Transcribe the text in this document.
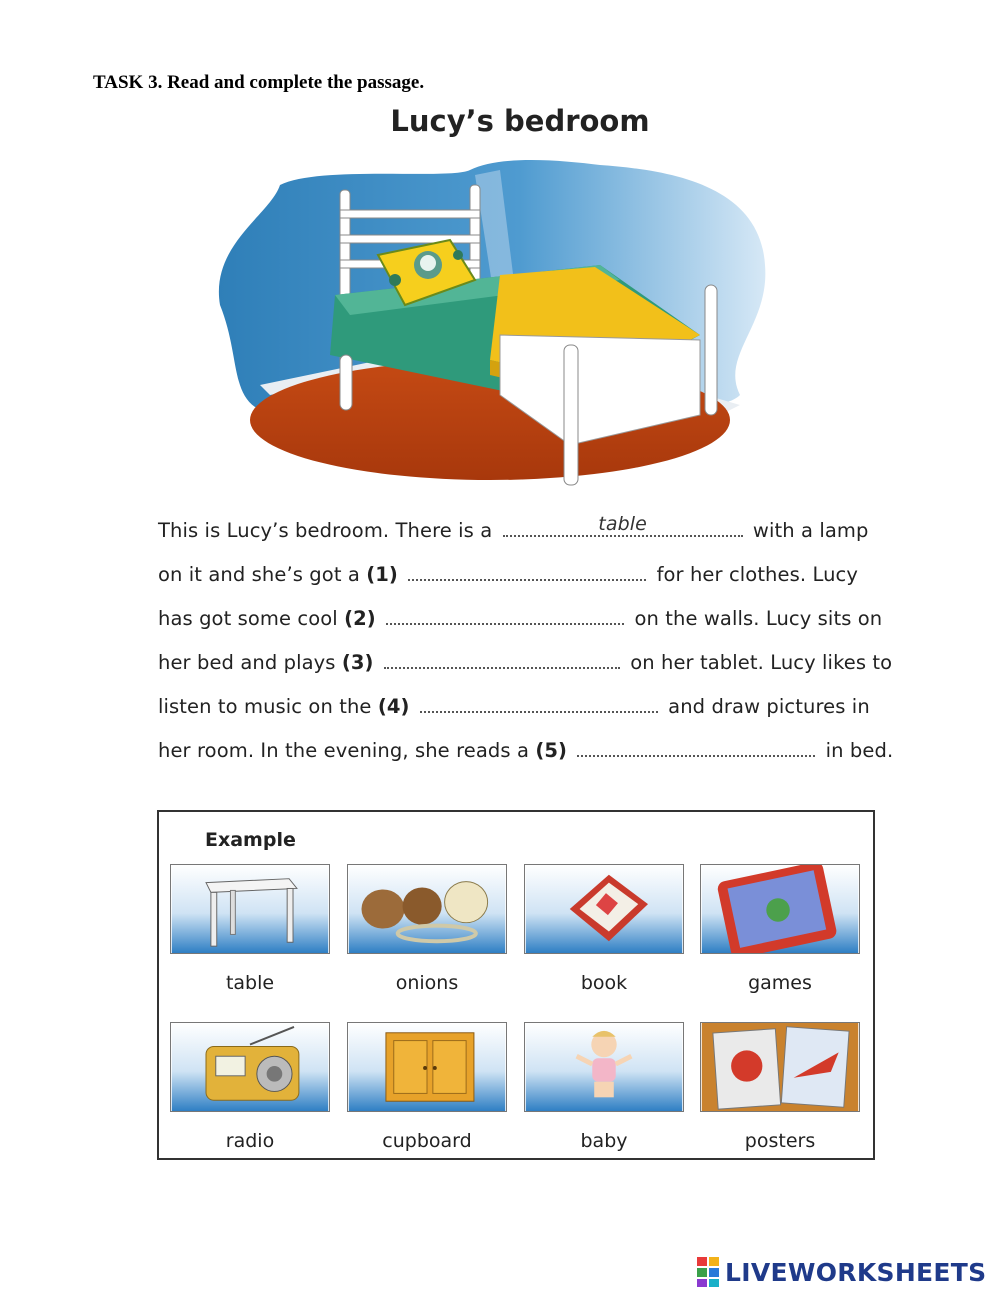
TASK 3. Read and complete the passage.
Lucy’s bedroom
This is Lucy’s bedroom. There is a	table	with a lamp
on it and she’s got a (1)	for her clothes. Lucy
has got some cool (2)	on the walls. Lucy sits on
her bed and plays (3)	on her tablet. Lucy likes to
listen to music on the (4)	and draw pictures in
her room. In the evening, she reads a (5)	in bed.
Example
table	onions	book	games
radio	cupboard	baby	posters
LIVEWORKSHEETS
